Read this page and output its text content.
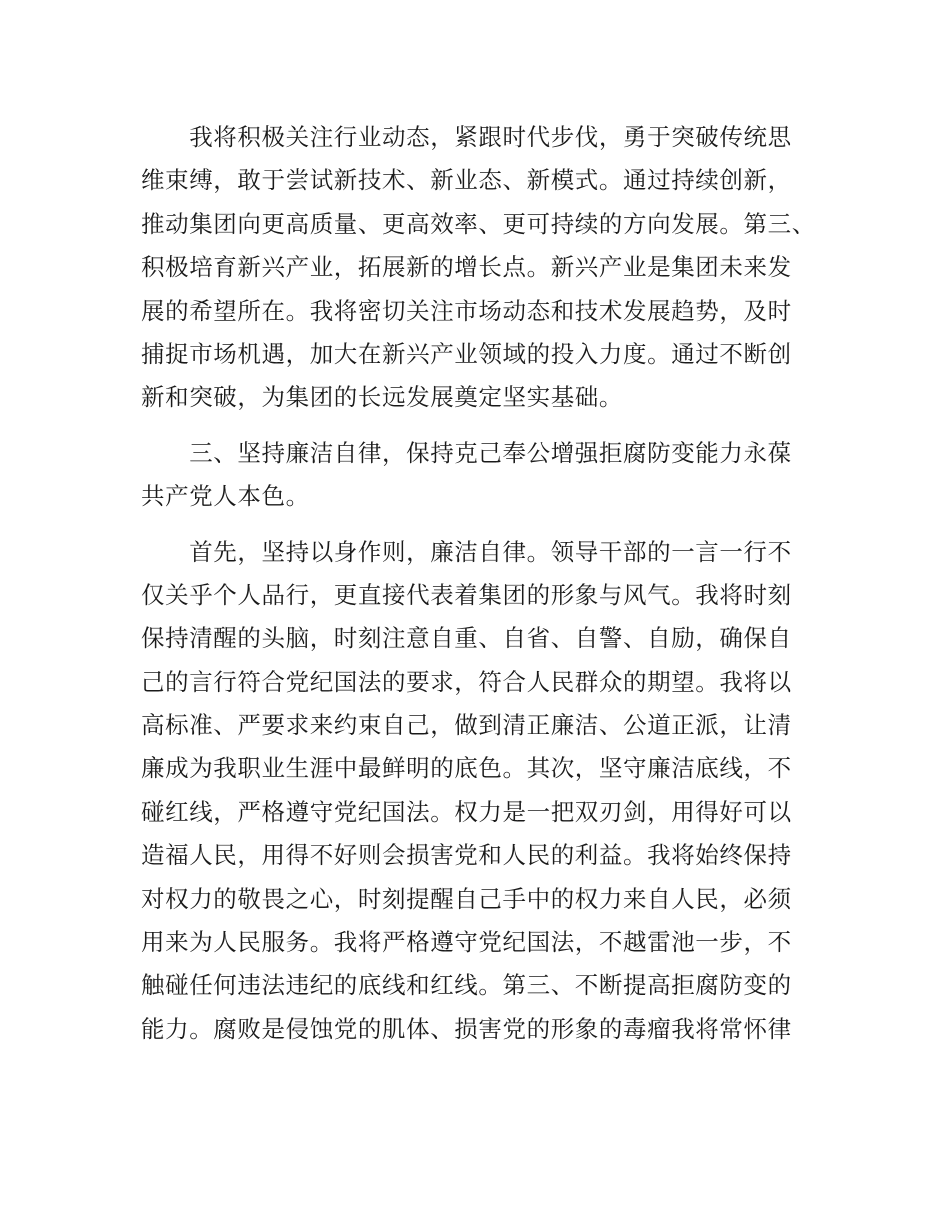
　　我将积极关注行业动态，紧跟时代步伐，勇于突破传统思
维束缚，敢于尝试新技术、新业态、新模式。通过持续创新，
推动集团向更高质量、更高效率、更可持续的方向发展。第三、
积极培育新兴产业，拓展新的增长点。新兴产业是集团未来发
展的希望所在。我将密切关注市场动态和技术发展趋势，及时
捕捉市场机遇，加大在新兴产业领域的投入力度。通过不断创
新和突破，为集团的长远发展奠定坚实基础。
　　三、坚持廉洁自律，保持克己奉公增强拒腐防变能力永葆
共产党人本色。
　　首先，坚持以身作则，廉洁自律。领导干部的一言一行不
仅关乎个人品行，更直接代表着集团的形象与风气。我将时刻
保持清醒的头脑，时刻注意自重、自省、自警、自励，确保自
己的言行符合党纪国法的要求，符合人民群众的期望。我将以
高标准、严要求来约束自己，做到清正廉洁、公道正派，让清
廉成为我职业生涯中最鲜明的底色。其次，坚守廉洁底线，不
碰红线，严格遵守党纪国法。权力是一把双刃剑，用得好可以
造福人民，用得不好则会损害党和人民的利益。我将始终保持
对权力的敬畏之心，时刻提醒自己手中的权力来自人民，必须
用来为人民服务。我将严格遵守党纪国法，不越雷池一步，不
触碰任何违法违纪的底线和红线。第三、不断提高拒腐防变的
能力。腐败是侵蚀党的肌体、损害党的形象的毒瘤我将常怀律
